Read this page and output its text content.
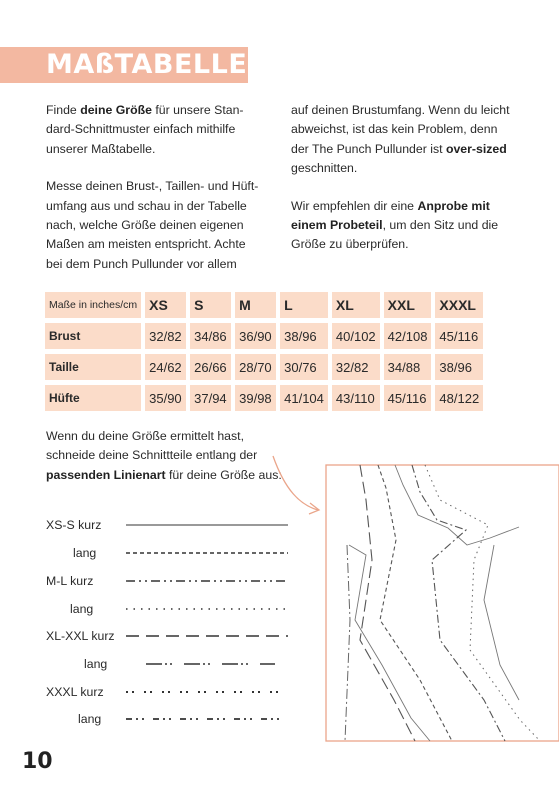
MAßTABELLE

Finde deine Größe für unsere Stan-dard-Schnittmuster einfach mithilfe unserer Maßtabelle.

Messe deinen Brust-, Taillen- und Hüft-umfang aus und schau in der Tabelle nach, welche Größe deinen eigenen Maßen am meisten entspricht. Achte bei dem Punch Pullunder vor allem

auf deinen Brustumfang. Wenn du leicht abweichst, ist das kein Problem, denn der The Punch Pullunder ist over-sized geschnitten.

Wir empfehlen dir eine Anprobe mit einem Probeteil, um den Sitz und die Größe zu überprüfen.

Maße in inches/cm	XS	S	M	L	XL	XXL	XXXL
Brust	32/82	34/86	36/90	38/96	40/102	42/108	45/116
Taille	24/62	26/66	28/70	30/76	32/82	34/88	38/96
Hüfte	35/90	37/94	39/98	41/104	43/110	45/116	48/122
Wenn du deine Größe ermittelt hast, schneide deine Schnittteile entlang der passenden Linienart für deine Größe aus:
XS-S kurz
lang
M-L kurz
lang
XL-XXL kurz
lang
XXXL kurz
lang
10
